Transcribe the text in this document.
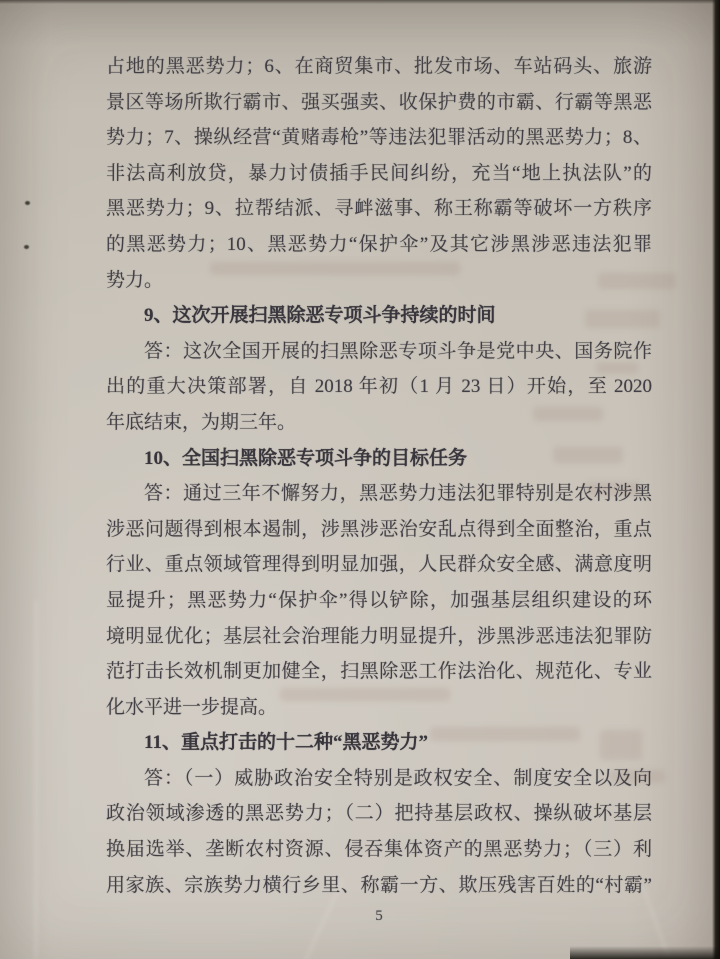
占地的黑恶势力；6、在商贸集市、批发市场、车站码头、旅游
景区等场所欺行霸市、强买强卖、收保护费的市霸、行霸等黑恶
势力；7、操纵经营“黄赌毒枪”等违法犯罪活动的黑恶势力；8、
非法高利放贷，暴力讨债插手民间纠纷，充当“地上执法队”的
黑恶势力；9、拉帮结派、寻衅滋事、称王称霸等破坏一方秩序
的黑恶势力；10、黑恶势力“保护伞”及其它涉黑涉恶违法犯罪
势力。
9、这次开展扫黑除恶专项斗争持续的时间
答：这次全国开展的扫黑除恶专项斗争是党中央、国务院作
出的重大决策部署，自 2018 年初（1 月 23 日）开始，至 2020
年底结束，为期三年。
10、全国扫黑除恶专项斗争的目标任务
答：通过三年不懈努力，黑恶势力违法犯罪特别是农村涉黑
涉恶问题得到根本遏制，涉黑涉恶治安乱点得到全面整治，重点
行业、重点领域管理得到明显加强，人民群众安全感、满意度明
显提升；黑恶势力“保护伞”得以铲除，加强基层组织建设的环
境明显优化；基层社会治理能力明显提升，涉黑涉恶违法犯罪防
范打击长效机制更加健全，扫黑除恶工作法治化、规范化、专业
化水平进一步提高。
11、重点打击的十二种“黑恶势力”
答：（一）威胁政治安全特别是政权安全、制度安全以及向
政治领域渗透的黑恶势力；（二）把持基层政权、操纵破坏基层
换届选举、垄断农村资源、侵吞集体资产的黑恶势力；（三）利
用家族、宗族势力横行乡里、称霸一方、欺压残害百姓的“村霸”
5
